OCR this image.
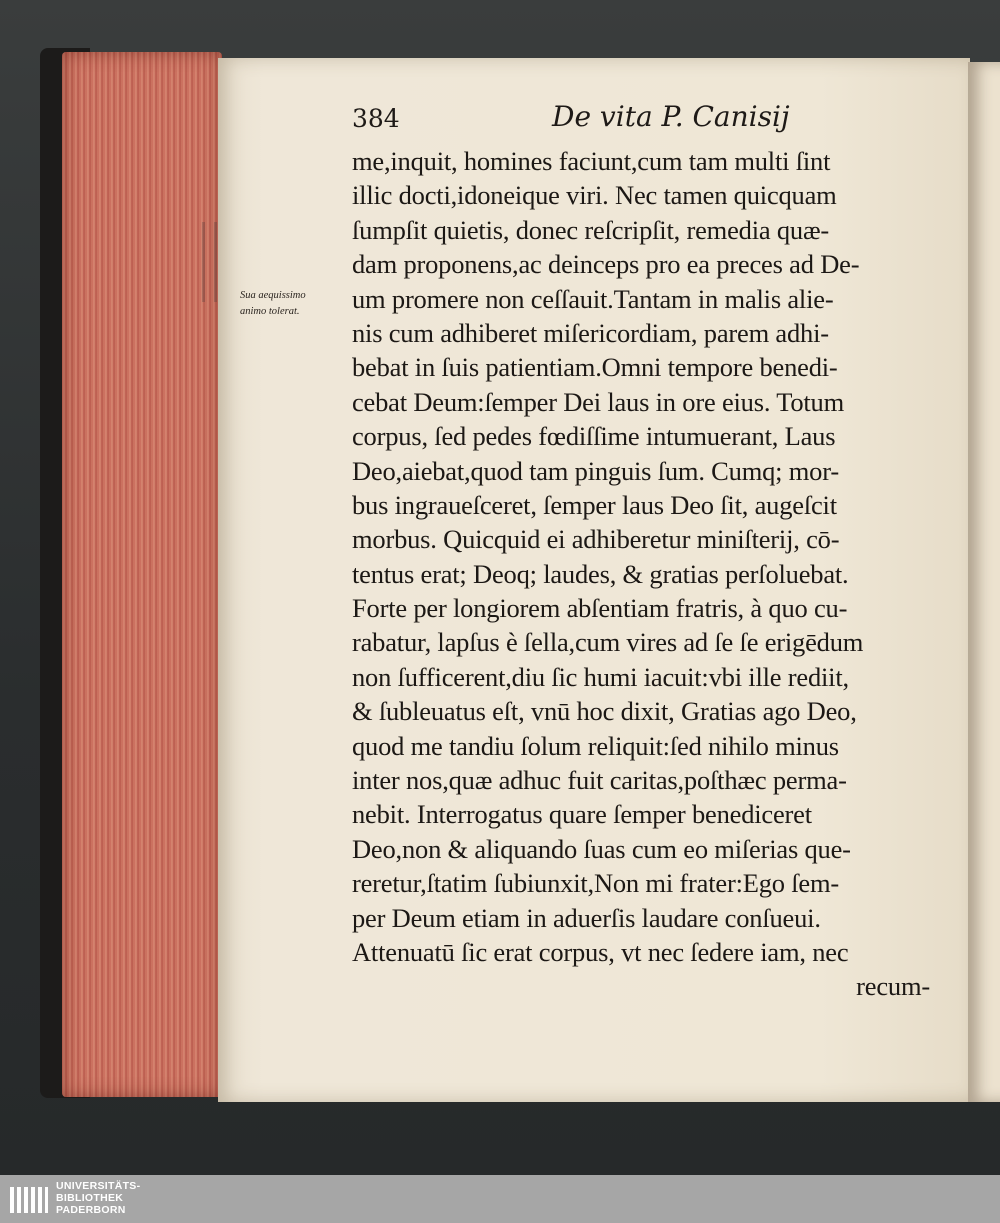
384	De vita P. Canisij
Sua aequissimo
animo tolerat.
me,inquit, homines faciunt,cum tam multi ſint
illic docti,idoneique viri. Nec tamen quicquam
ſumpſit quietis, donec reſcripſit, remedia quæ-
dam proponens,ac deinceps pro ea preces ad De-
um promere non ceſſauit.Tantam in malis alie-
nis cum adhiberet miſericordiam, parem adhi-
bebat in ſuis patientiam.Omni tempore benedi-
cebat Deum:ſemper Dei laus in ore eius. Totum
corpus, ſed pedes fœdiſſime intumuerant, Laus
Deo,aiebat,quod tam pinguis ſum. Cumq; mor-
bus ingraueſceret, ſemper laus Deo ſit, augeſcit
morbus. Quicquid ei adhiberetur miniſterij, cō-
tentus erat; Deoq; laudes, & gratias perſoluebat.
Forte per longiorem abſentiam fratris, à quo cu-
rabatur, lapſus è ſella,cum vires ad ſe ſe erigēdum
non ſufficerent,diu ſic humi iacuit:vbi ille rediit,
& ſubleuatus eſt, vnū hoc dixit, Gratias ago Deo,
quod me tandiu ſolum reliquit:ſed nihilo minus
inter nos,quæ adhuc fuit caritas,poſthæc perma-
nebit. Interrogatus quare ſemper benediceret
Deo,non & aliquando ſuas cum eo miſerias que-
reretur,ſtatim ſubiunxit,Non mi frater:Ego ſem-
per Deum etiam in aduerſis laudare conſueui.
Attenuatū ſic erat corpus, vt nec ſedere iam, nec
recum-
UNIVERSITÄTS-
BIBLIOTHEK
PADERBORN
